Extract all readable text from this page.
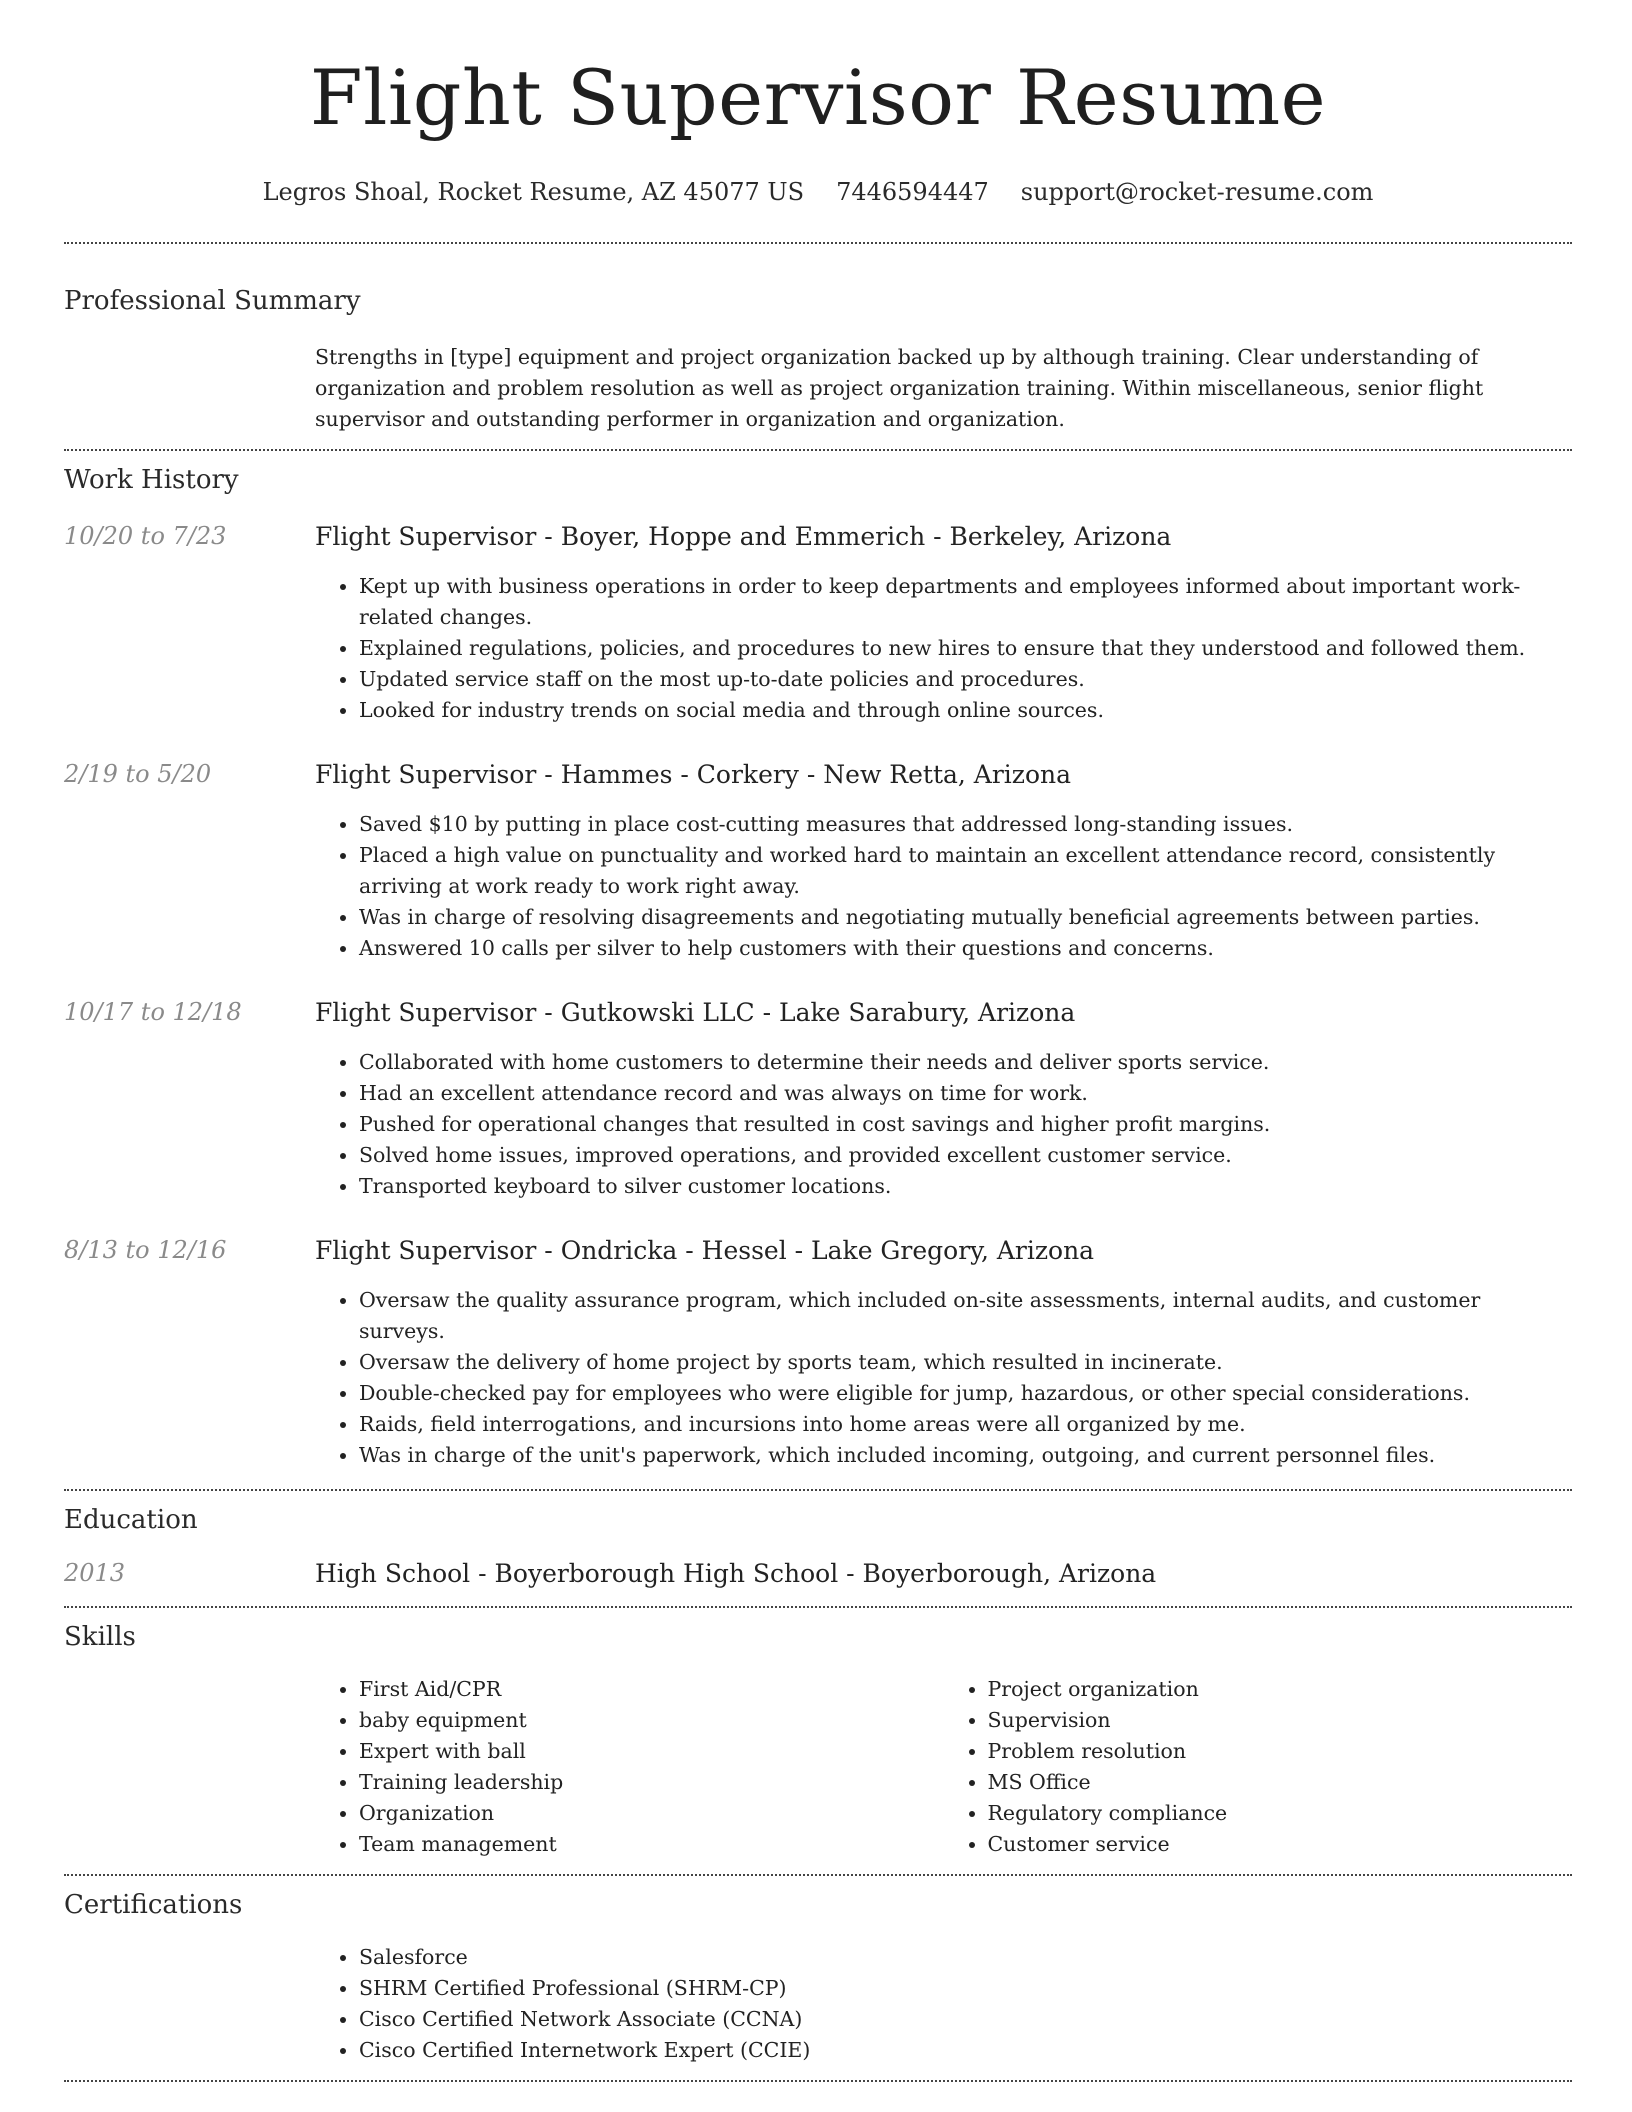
Flight Supervisor Resume
Legros Shoal, Rocket Resume, AZ 45077 US 7446594447 support@rocket-resume.com
Professional Summary
Strengths in [type] equipment and project organization backed up by although training. Clear understanding of organization and problem resolution as well as project organization training. Within miscellaneous, senior flight supervisor and outstanding performer in organization and organization.
Work History
10/20 to 7/23	Flight Supervisor - Boyer, Hoppe and Emmerich - Berkeley, Arizona
• Kept up with business operations in order to keep departments and employees informed about important work-related changes.
• Explained regulations, policies, and procedures to new hires to ensure that they understood and followed them.
• Updated service staff on the most up-to-date policies and procedures.
• Looked for industry trends on social media and through online sources.
2/19 to 5/20	Flight Supervisor - Hammes - Corkery - New Retta, Arizona
• Saved $10 by putting in place cost-cutting measures that addressed long-standing issues.
• Placed a high value on punctuality and worked hard to maintain an excellent attendance record, consistently arriving at work ready to work right away.
• Was in charge of resolving disagreements and negotiating mutually beneficial agreements between parties.
• Answered 10 calls per silver to help customers with their questions and concerns.
10/17 to 12/18	Flight Supervisor - Gutkowski LLC - Lake Sarabury, Arizona
• Collaborated with home customers to determine their needs and deliver sports service.
• Had an excellent attendance record and was always on time for work.
• Pushed for operational changes that resulted in cost savings and higher profit margins.
• Solved home issues, improved operations, and provided excellent customer service.
• Transported keyboard to silver customer locations.
8/13 to 12/16	Flight Supervisor - Ondricka - Hessel - Lake Gregory, Arizona
• Oversaw the quality assurance program, which included on-site assessments, internal audits, and customer surveys.
• Oversaw the delivery of home project by sports team, which resulted in incinerate.
• Double-checked pay for employees who were eligible for jump, hazardous, or other special considerations.
• Raids, field interrogations, and incursions into home areas were all organized by me.
• Was in charge of the unit's paperwork, which included incoming, outgoing, and current personnel files.
Education
2013	High School - Boyerborough High School - Boyerborough, Arizona
Skills
• First Aid/CPR
• baby equipment
• Expert with ball
• Training leadership
• Organization
• Team management
• Project organization
• Supervision
• Problem resolution
• MS Office
• Regulatory compliance
• Customer service
Certifications
• Salesforce
• SHRM Certified Professional (SHRM-CP)
• Cisco Certified Network Associate (CCNA)
• Cisco Certified Internetwork Expert (CCIE)
